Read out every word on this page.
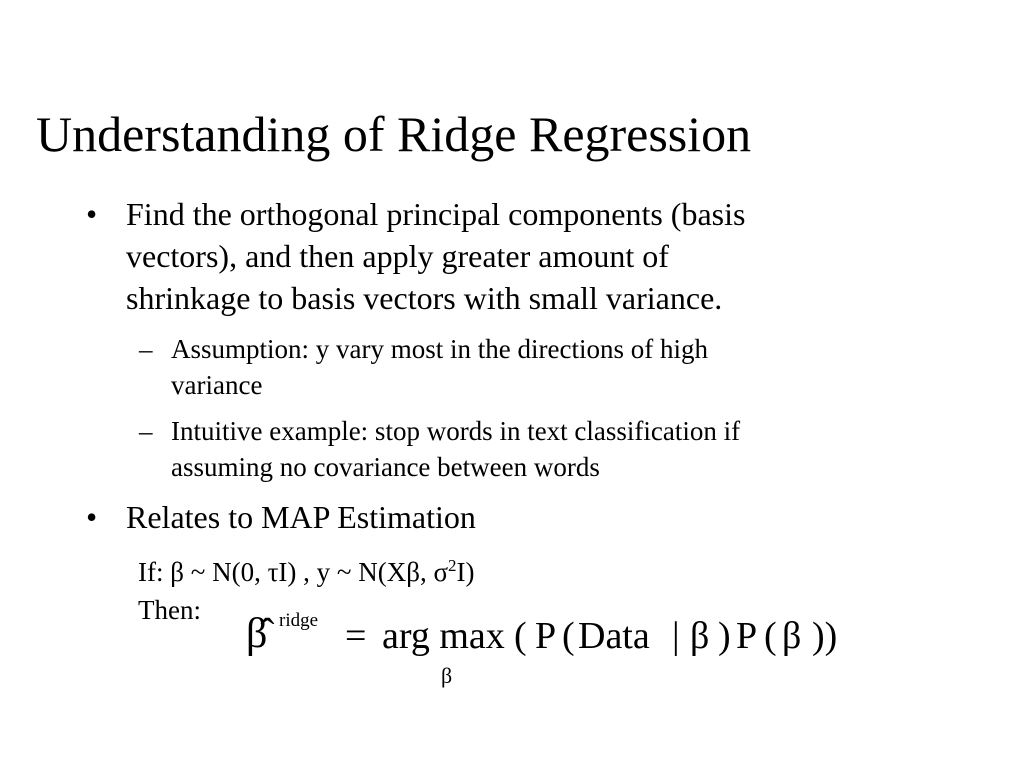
Understanding of Ridge Regression
• Find the orthogonal principal components (basis
vectors), and then apply greater amount of
shrinkage to basis vectors with small variance.
– Assumption: y vary most in the directions of high
variance
– Intuitive example: stop words in text classification if
assuming no covariance between words
• Relates to MAP Estimation
If: β ~ N(0, τI) , y ~ N(Xβ, $\sigma^2I$)
Then:
β̂ ridge = arg max
β
( P ( Data | β ) P ( β ))
